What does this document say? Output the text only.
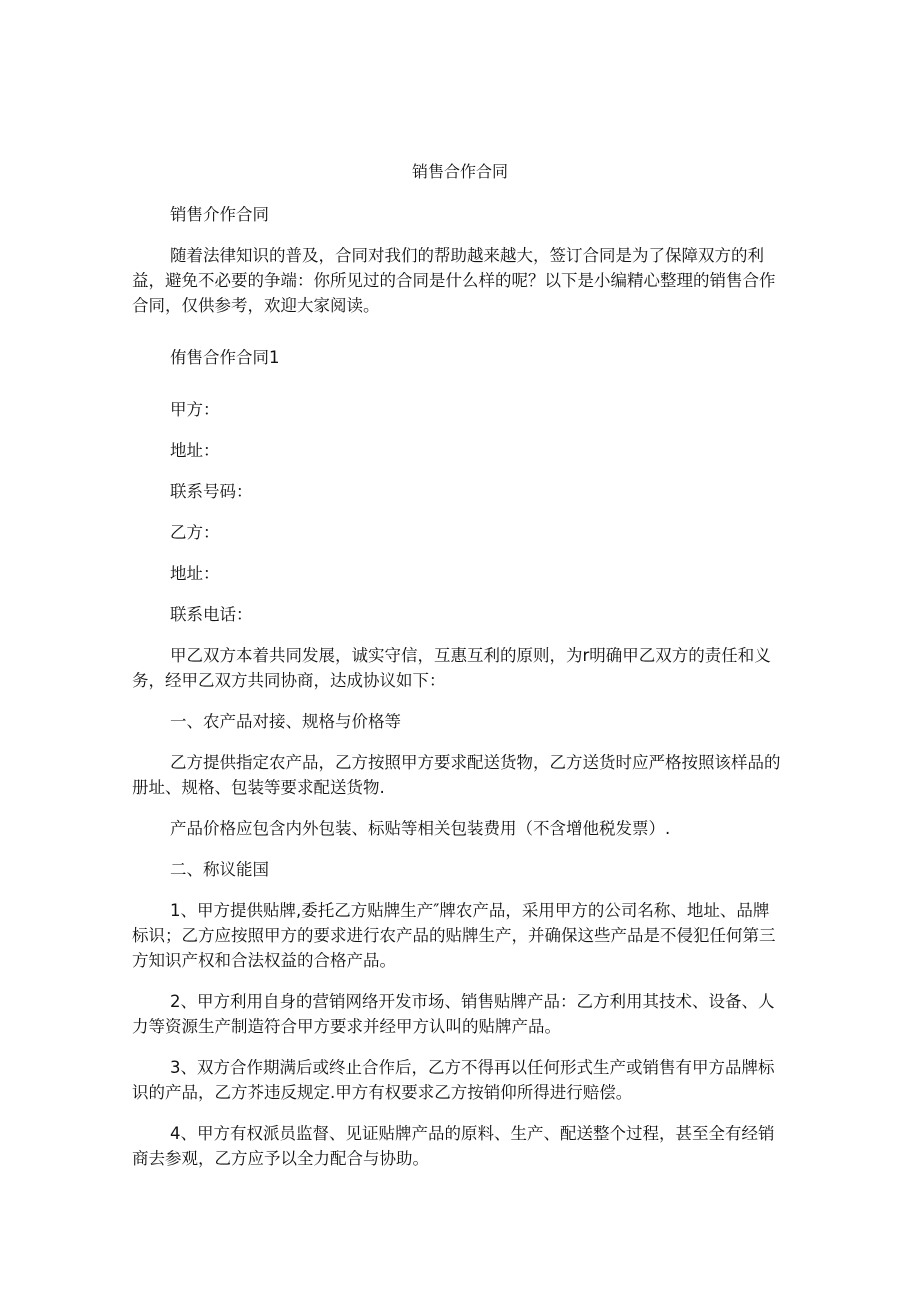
销售合作合同
销售介作合同
随着法律知识的普及，合同对我们的帮助越来越大，签订合同是为了保障双方的利益，避免不必要的争端：你所见过的合同是什么样的呢？以下是小编精心整理的销售合作合同，仅供参考，欢迎大家阅读。
侑售合作合同1
甲方：
地址：
联系号码：
乙方：
地址：
联系电话：
甲乙双方本着共同发展，诚实守信，互惠互利的原则，为r明确甲乙双方的责任和义务，经甲乙双方共同协商，达成协议如下：
一、农产品对接、规格与价格等
乙方提供指定农产品，乙方按照甲方要求配送货物，乙方送货时应严格按照该样品的册址、规格、包装等要求配送货物.
产品价格应包含内外包装、标贴等相关包装费用（不含增他税发票）.
二、称议能国
1、甲方提供贴牌,委托乙方贴牌生产″牌农产品，采用甲方的公司名称、地址、品牌标识；乙方应按照甲方的要求进行农产品的贴牌生产，并确保这些产品是不侵犯任何第三方知识产权和合法权益的合格产品。
2、甲方利用自身的营销网络开发市场、销售贴牌产品：乙方利用其技术、设备、人力等资源生产制造符合甲方要求并经甲方认叫的贴牌产品。
3、双方合作期满后或终止合作后，乙方不得再以任何形式生产或销售有甲方品牌标识的产品，乙方芥违反规定.甲方有权要求乙方按销仰所得进行赔偿。
4、甲方有权派员监督、见证贴牌产品的原料、生产、配送整个过程，甚至全有经销商去参观，乙方应予以全力配合与协助。
